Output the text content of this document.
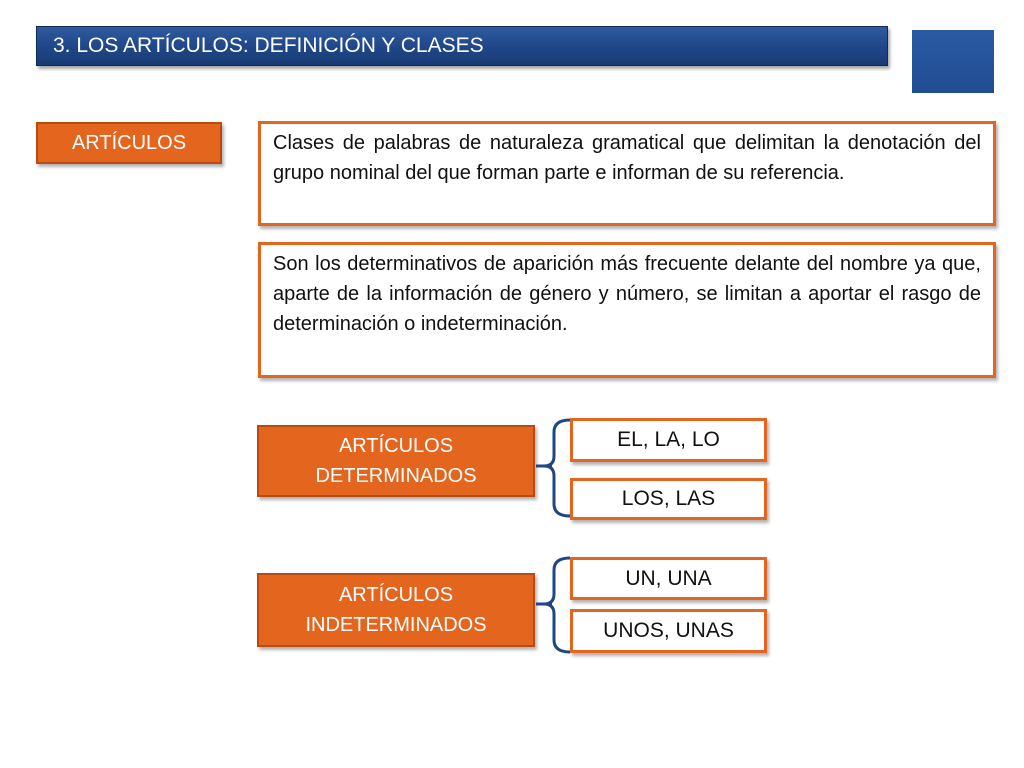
3. LOS ARTÍCULOS: DEFINICIÓN Y CLASES
ARTÍCULOS	Clases de palabras de naturaleza gramatical que delimitan la denotación del grupo nominal del que forman parte e informan de su referencia.
Son los determinativos de aparición más frecuente delante del nombre ya que, aparte de la información de género y número, se limitan a aportar el rasgo de determinación o indeterminación.
ARTÍCULOS
DETERMINADOS
EL, LA, LO
LOS, LAS
ARTÍCULOS
INDETERMINADOS
UN, UNA
UNOS, UNAS
